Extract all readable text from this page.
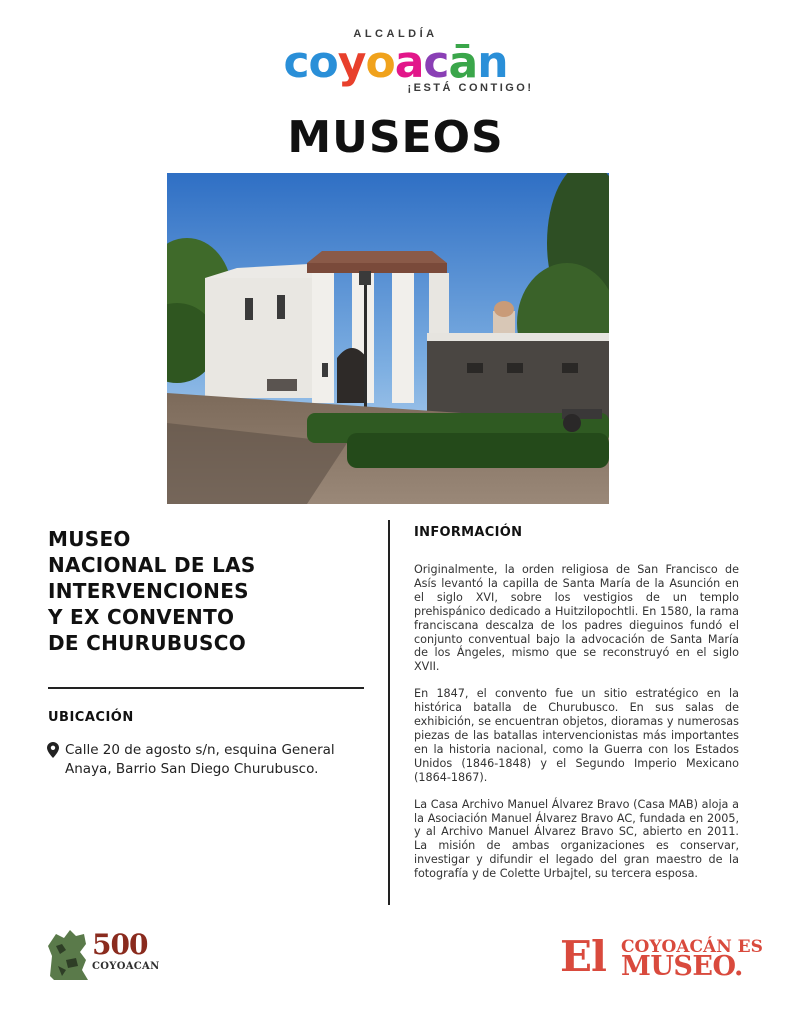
ALCALDÍA
coyoacān
¡ESTÁ CONTIGO!
MUSEOS
MUSEO
NACIONAL DE LAS
INTERVENCIONES
Y EX CONVENTO
DE CHURUBUSCO
UBICACIÓN
Calle 20 de agosto s/n, esquina General Anaya, Barrio San Diego Churubusco.
INFORMACIÓN

Originalmente, la orden religiosa de San Francisco de Asís levantó la capilla de Santa María de la Asunción en el siglo XVI, sobre los vestigios de un templo prehispánico dedicado a Huitzilopochtli. En 1580, la rama franciscana descalza de los padres dieguinos fundó el conjunto conventual bajo la advocación de Santa María de los Ángeles, mismo que se reconstruyó en el siglo XVII.

En 1847, el convento fue un sitio estratégico en la histórica batalla de Churubusco. En sus salas de exhibición, se encuentran objetos, dioramas y numerosas piezas de las batallas intervencionistas más importantes en la historia nacional, como la Guerra con los Estados Unidos (1846-1848) y el Segundo Imperio Mexicano (1864-1867).

La Casa Archivo Manuel Álvarez Bravo (Casa MAB) aloja a la Asociación Manuel Álvarez Bravo AC, fundada en 2005, y al Archivo Manuel Álvarez Bravo SC, abierto en 2011. La misión de ambas organizaciones es conservar, investigar y difundir el legado del gran maestro de la fotografía y de Colette Urbajtel, su tercera esposa.

500
COYOACAN	El COYOACÁN ES
MUSEO.
